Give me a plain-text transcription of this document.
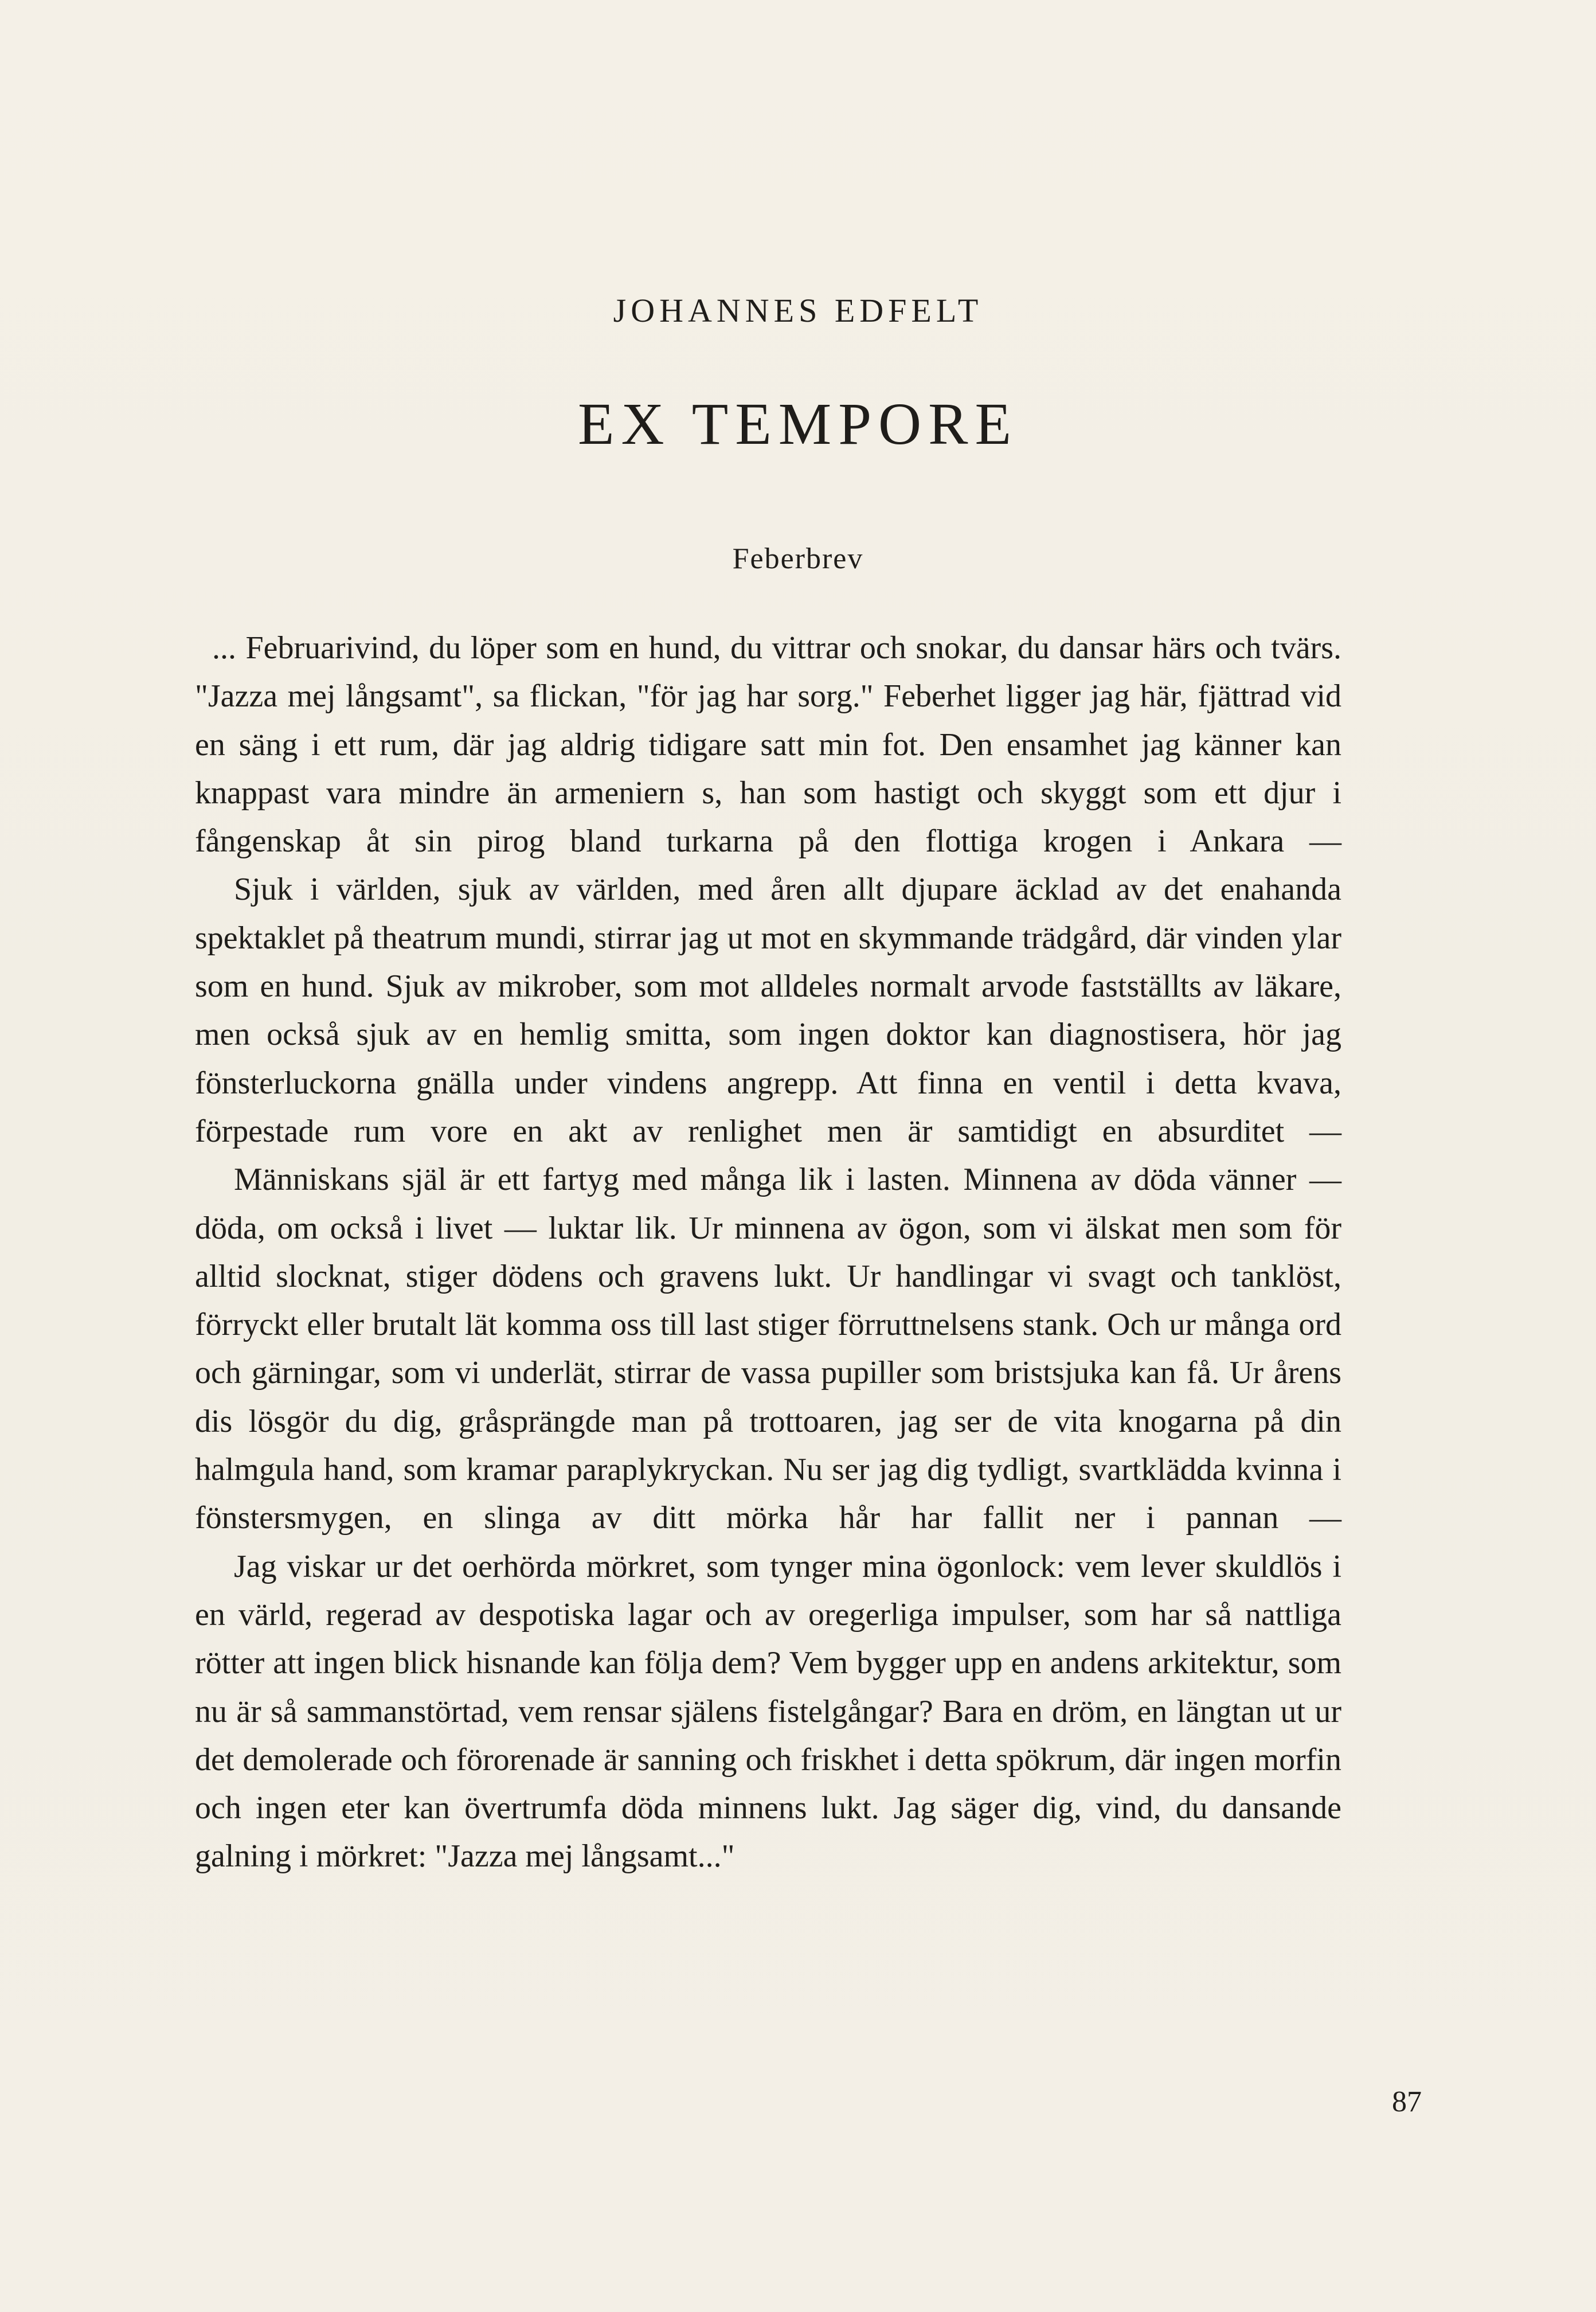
JOHANNES EDFELT
EX TEMPORE
Feberbrev

... Februarivind, du löper som en hund, du vittrar och snokar, du dansar härs och tvärs. "Jazza mej långsamt", sa flickan, "för jag har sorg." Feberhet ligger jag här, fjättrad vid en säng i ett rum, där jag aldrig tidigare satt min fot. Den ensamhet jag känner kan knappast vara mindre än armeniern s, han som hastigt och skyggt som ett djur i fångenskap åt sin pirog bland turkarna på den flottiga krogen i Ankara —

Sjuk i världen, sjuk av världen, med åren allt djupare äcklad av det enahanda spektaklet på theatrum mundi, stirrar jag ut mot en skymmande trädgård, där vinden ylar som en hund. Sjuk av mikrober, som mot alldeles normalt arvode fastställts av läkare, men också sjuk av en hemlig smitta, som ingen doktor kan diagnostisera, hör jag fönsterluckorna gnälla under vindens angrepp. Att finna en ventil i detta kvava, förpestade rum vore en akt av renlighet men är samtidigt en absurditet —

Människans själ är ett fartyg med många lik i lasten. Minnena av döda vänner — döda, om också i livet — luktar lik. Ur minnena av ögon, som vi älskat men som för alltid slocknat, stiger dödens och gravens lukt. Ur handlingar vi svagt och tanklöst, förryckt eller brutalt lät komma oss till last stiger förruttnelsens stank. Och ur många ord och gärningar, som vi underlät, stirrar de vassa pupiller som bristsjuka kan få. Ur årens dis lösgör du dig, gråsprängde man på trottoaren, jag ser de vita knogarna på din halmgula hand, som kramar paraplykryckan. Nu ser jag dig tydligt, svartklädda kvinna i fönstersmygen, en slinga av ditt mörka hår har fallit ner i pannan —

Jag viskar ur det oerhörda mörkret, som tynger mina ögonlock: vem lever skuldlös i en värld, regerad av despotiska lagar och av oregerliga impulser, som har så nattliga rötter att ingen blick hisnande kan följa dem? Vem bygger upp en andens arkitektur, som nu är så sammanstörtad, vem rensar själens fistelgångar? Bara en dröm, en längtan ut ur det demolerade och förorenade är sanning och friskhet i detta spökrum, där ingen morfin och ingen eter kan övertrumfa döda minnens lukt. Jag säger dig, vind, du dansande galning i mörkret: "Jazza mej långsamt..."

87
